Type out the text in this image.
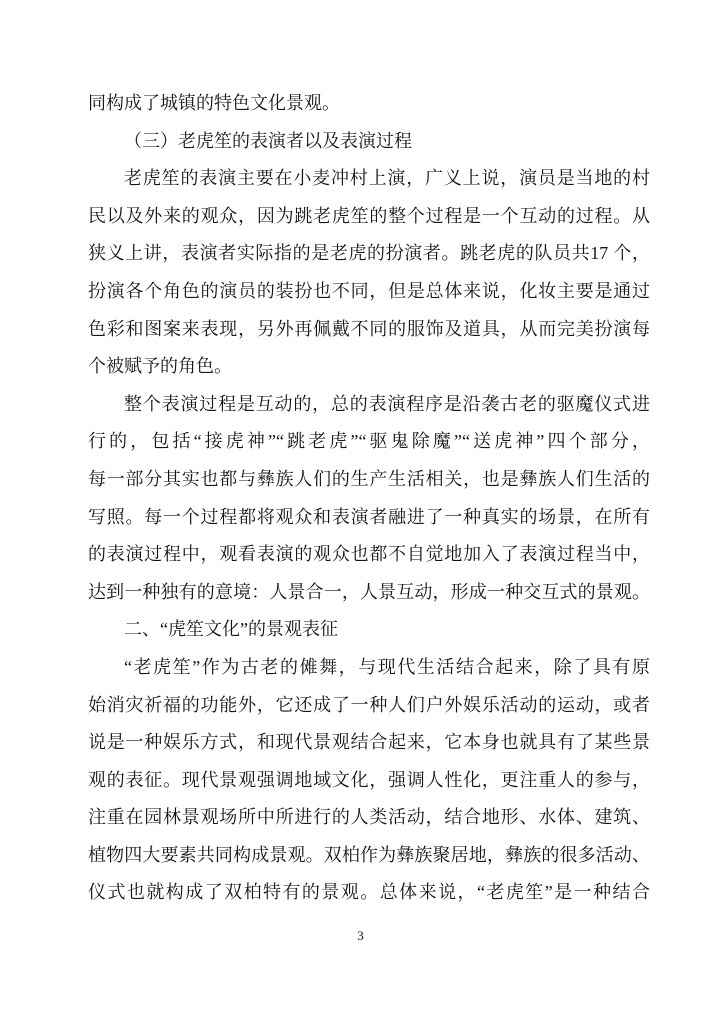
同构成了城镇的特色文化景观。
（三）老虎笙的表演者以及表演过程
老虎笙的表演主要在小麦冲村上演，广义上说，演员是当地的村
民以及外来的观众，因为跳老虎笙的整个过程是一个互动的过程。从
狭义上讲，表演者实际指的是老虎的扮演者。跳老虎的队员共17 个，
扮演各个角色的演员的装扮也不同，但是总体来说，化妆主要是通过
色彩和图案来表现，另外再佩戴不同的服饰及道具，从而完美扮演每
个被赋予的角色。
整个表演过程是互动的，总的表演程序是沿袭古老的驱魔仪式进
行的，包括“接虎神”“跳老虎”“驱鬼除魔”“送虎神”四个部分，
每一部分其实也都与彝族人们的生产生活相关，也是彝族人们生活的
写照。每一个过程都将观众和表演者融进了一种真实的场景，在所有
的表演过程中，观看表演的观众也都不自觉地加入了表演过程当中，
达到一种独有的意境：人景合一，人景互动，形成一种交互式的景观。
二、“虎笙文化”的景观表征
“老虎笙”作为古老的傩舞，与现代生活结合起来，除了具有原
始消灾祈福的功能外，它还成了一种人们户外娱乐活动的运动，或者
说是一种娱乐方式，和现代景观结合起来，它本身也就具有了某些景
观的表征。现代景观强调地域文化，强调人性化，更注重人的参与，
注重在园林景观场所中所进行的人类活动，结合地形、水体、建筑、
植物四大要素共同构成景观。双柏作为彝族聚居地，彝族的很多活动、
仪式也就构成了双柏特有的景观。总体来说，“老虎笙”是一种结合
3
